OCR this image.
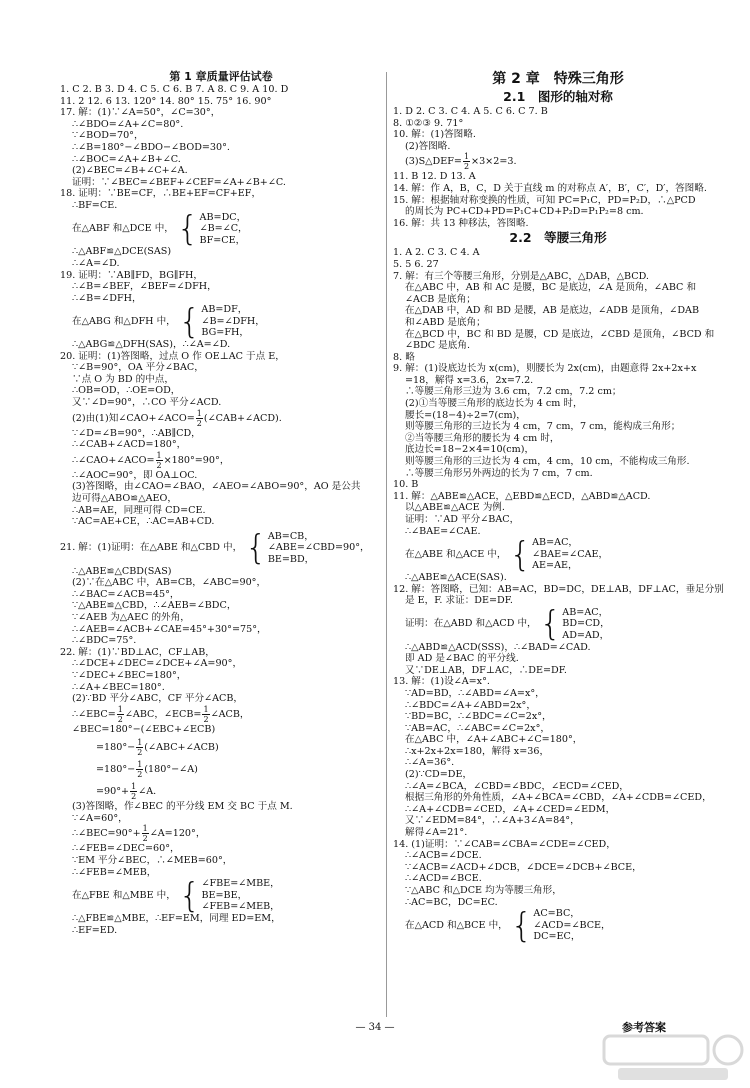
第 1 章质量评估试卷
1. C 2. B 3. D 4. C 5. C 6. B 7. A 8. C 9. A 10. D
11. 2 12. 6 13. 120° 14. 80° 15. 75° 16. 90°
17. 解：(1)∵∠A=50°，∠C=30°，
∴∠BDO=∠A+∠C=80°.
∵∠BOD=70°，
∴∠B=180°−∠BDO−∠BOD=30°.
∴∠BOC=∠A+∠B+∠C.
(2)∠BEC=∠B+∠C+∠A.
证明：∵∠BEC=∠BEF+∠CEF=∠A+∠B+∠C.
18. 证明：∵BE=CF，∴BE+EF=CF+EF，
∴BF=CE.
在△ABF 和△DCE 中， { AB=DC，
∠B=∠C，
BF=CE，
∴△ABF≌△DCE(SAS)
∴∠A=∠D.
19. 证明：∵AB∥FD，BG∥FH，
∴∠B=∠BEF，∠BEF=∠DFH，
∴∠B=∠DFH，
在△ABG 和△DFH 中， { AB=DF，
∠B=∠DFH，
BG=FH，
∴△ABG≌△DFH(SAS)，∴∠A=∠D.
20. 证明：(1)答图略，过点 O 作 OE⊥AC 于点 E，
∵∠B=90°，OA 平分∠BAC，
∵点 O 为 BD 的中点，
∴OB=OD，∴OE=OD，
又∵∠D=90°，∴CO 平分∠ACD.
(2)由(1)知∠CAO+∠ACO= $\frac{1}{2}$ (∠CAB+∠ACD).
∵∠D=∠B=90°，∴AB∥CD，
∴∠CAB+∠ACD=180°，
∴∠CAO+∠ACO= $\frac{1}{2} \times 180^\circ=90^\circ$，
∴∠AOC=90°，即 OA⊥OC.
(3)答图略，由∠CAO=∠BAO，∠AEO=∠ABO=90°，AO 是公共
边可得△ABO≌△AEO，
∴AB=AE，同理可得 CD=CE.
∵AC=AE+CE，∴AC=AB+CD.
21. 解：(1)证明：在△ABE 和△CBD 中， { AB=CB，
∠ABE=∠CBD=90°，
BE=BD，
∴△ABE≌△CBD(SAS)
(2)∵在△ABC 中，AB=CB，∠ABC=90°，
∴∠BAC=∠ACB=45°，
∵△ABE≌△CBD，∴∠AEB=∠BDC，
∵∠AEB 为△AEC 的外角，
∴∠AEB=∠ACB+∠CAE=45°+30°=75°，
∴∠BDC=75°.
22. 解：(1)∵BD⊥AC，CF⊥AB，
∴∠DCE+∠DEC=∠DCE+∠A=90°，
∵∠DEC+∠BEC=180°，
∴∠A+∠BEC=180°.
(2)∵BD 平分∠ABC，CF 平分∠ACB，
∴∠EBC= $\frac{1}{2}$ ∠ABC，∠ECB= $\frac{1}{2}$ ∠ACB，
∠BEC=180°−(∠EBC+∠ECB)
$=180^\circ- \frac{1}{2}$ (∠ABC+∠ACB)
$=180^\circ- \frac{1}{2}$ (180°−∠A)
$=90^\circ+ \frac{1}{2}$ ∠A.
(3)答图略，作∠BEC 的平分线 EM 交 BC 于点 M.
∵∠A=60°，
∴∠BEC=90°+ $\frac{1}{2}$ ∠A=120°，
∴∠FEB=∠DEC=60°，
∵EM 平分∠BEC，∴∠MEB=60°，
∴∠FEB=∠MEB，
在△FBE 和△MBE 中， { ∠FBE=∠MBE，
BE=BE，
∠FEB=∠MEB，
∴△FBE≌△MBE，∴EF=EM，同理 ED=EM，
∴EF=ED.
第 2 章　特殊三角形
2.1　图形的轴对称
1. D 2. C 3. C 4. A 5. C 6. C 7. B
8. ①②③ 9. 71°
10. 解：(1)答图略.
(2)答图略.
(3)S△DEF= $\frac{1}{2} \times 3\times 2=3$.
11. B 12. D 13. A
14. 解：作 A，B，C，D 关于直线 m 的对称点 A′，B′，C′，D′，答图略.
15. 解：根据轴对称变换的性质，可知 PC=P₁C，PD=P₂D，∴△PCD
的周长为 PC+CD+PD=P₁C+CD+P₂D=P₁P₂=8 cm.
16. 解：共 13 种移法，答图略.
2.2　等腰三角形
1. A 2. C 3. C 4. A
5. 5 6. 27
7. 解：有三个等腰三角形，分别是△ABC，△DAB，△BCD.
在△ABC 中，AB 和 AC 是腰，BC 是底边，∠A 是顶角，∠ABC 和
∠ACB 是底角；
在△DAB 中，AD 和 BD 是腰，AB 是底边，∠ADB 是顶角，∠DAB
和∠ABD 是底角；
在△BCD 中，BC 和 BD 是腰，CD 是底边，∠CBD 是顶角，∠BCD 和
∠BDC 是底角.
8. 略
9. 解：(1)设底边长为 x(cm)，则腰长为 2x(cm)，由题意得 2x+2x+x
=18，解得 x=3.6，2x=7.2.
∴等腰三角形三边为 3.6 cm，7.2 cm，7.2 cm；
(2)①当等腰三角形的底边长为 4 cm 时，
腰长=(18−4)÷2=7(cm)，
则等腰三角形的三边长为 4 cm，7 cm，7 cm，能构成三角形；
②当等腰三角形的腰长为 4 cm 时，
底边长=18−2×4=10(cm)，
则等腰三角形的三边长为 4 cm，4 cm，10 cm，不能构成三角形.
∴等腰三角形另外两边的长为 7 cm，7 cm.
10. B
11. 解：△ABE≌△ACE，△EBD≌△ECD，△ABD≌△ACD.
以△ABE≌△ACE 为例.
证明：∵AD 平分∠BAC，
∴∠BAE=∠CAE.
在△ABE 和△ACE 中， { AB=AC，
∠BAE=∠CAE，
AE=AE，
∴△ABE≌△ACE(SAS).
12. 解：答图略，已知：AB=AC，BD=DC，DE⊥AB，DF⊥AC，垂足分别
是 E，F. 求证：DE=DF.
证明：在△ABD 和△ACD 中， { AB=AC，
BD=CD，
AD=AD，
∴△ABD≌△ACD(SSS)，∴∠BAD=∠CAD.
即 AD 是∠BAC 的平分线.
又∵DE⊥AB，DF⊥AC，∴DE=DF.
13. 解：(1)设∠A=x°.
∵AD=BD，∴∠ABD=∠A=x°，
∴∠BDC=∠A+∠ABD=2x°，
∵BD=BC，∴∠BDC=∠C=2x°，
∵AB=AC，∴∠ABC=∠C=2x°，
在△ABC 中，∠A+∠ABC+∠C=180°，
∴x+2x+2x=180，解得 x=36，
∴∠A=36°.
(2)∵CD=DE，
∴∠A=∠BCA，∠CBD=∠BDC，∠ECD=∠CED，
根据三角形的外角性质，∠A+∠BCA=∠CBD，∠A+∠CDB=∠CED，
∴∠A+∠CDB=∠CED，∠A+∠CED=∠EDM，
又∵∠EDM=84°，∴∠A+3∠A=84°，
解得∠A=21°.
14. (1)证明：∵∠CAB=∠CBA=∠CDE=∠CED，
∴∠ACB=∠DCE.
∵∠ACB=∠ACD+∠DCB，∠DCE=∠DCB+∠BCE，
∴∠ACD=∠BCE.
∵△ABC 和△DCE 均为等腰三角形，
∴AC=BC，DC=EC.
在△ACD 和△BCE 中， { AC=BC，
∠ACD=∠BCE，
DC=EC，
— 34 —	参考答案
